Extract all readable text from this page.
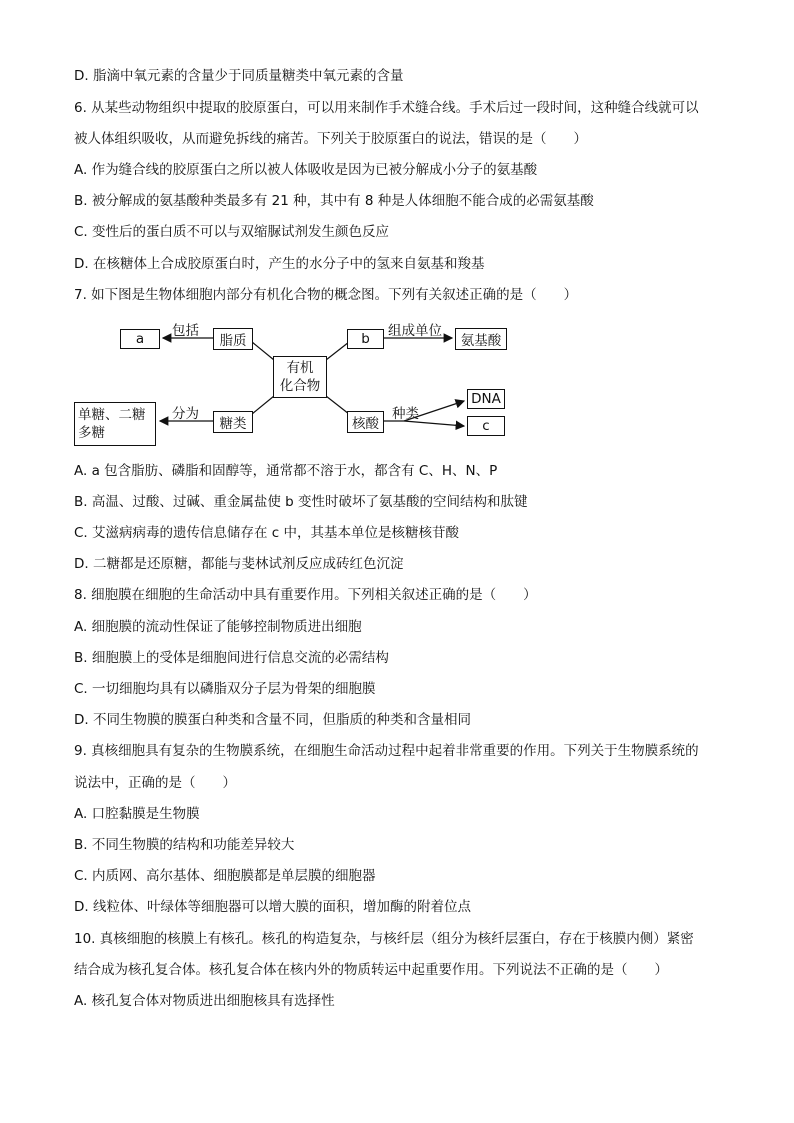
D. 脂滴中氧元素的含量少于同质量糖类中氧元素的含量
6. 从某些动物组织中提取的胶原蛋白，可以用来制作手术缝合线。手术后过一段时间，这种缝合线就可以
被人体组织吸收，从而避免拆线的痛苦。下列关于胶原蛋白的说法，错误的是（　　）
A. 作为缝合线的胶原蛋白之所以被人体吸收是因为已被分解成小分子的氨基酸
B. 被分解成的氨基酸种类最多有 21 种，其中有 8 种是人体细胞不能合成的必需氨基酸
C. 变性后的蛋白质不可以与双缩脲试剂发生颜色反应
D. 在核糖体上合成胶原蛋白时，产生的水分子中的氢来自氨基和羧基
7. 如下图是生物体细胞内部分有机化合物的概念图。下列有关叙述正确的是（　　）
a	包括
脂质
有机
化合物
b	组成单位
氨基酸
单糖、二糖
多糖
分为
糖类	核酸
种类
DNA
c
A. a 包含脂肪、磷脂和固醇等，通常都不溶于水，都含有 C、H、N、P
B. 高温、过酸、过碱、重金属盐使 b 变性时破坏了氨基酸的空间结构和肽键
C. 艾滋病病毒的遗传信息储存在 c 中，其基本单位是核糖核苷酸
D. 二糖都是还原糖，都能与斐林试剂反应成砖红色沉淀
8. 细胞膜在细胞的生命活动中具有重要作用。下列相关叙述正确的是（　　）
A. 细胞膜的流动性保证了能够控制物质进出细胞
B. 细胞膜上的受体是细胞间进行信息交流的必需结构
C. 一切细胞均具有以磷脂双分子层为骨架的细胞膜
D. 不同生物膜的膜蛋白种类和含量不同，但脂质的种类和含量相同
9. 真核细胞具有复杂的生物膜系统，在细胞生命活动过程中起着非常重要的作用。下列关于生物膜系统的
说法中，正确的是（　　）
A. 口腔黏膜是生物膜
B. 不同生物膜的结构和功能差异较大
C. 内质网、高尔基体、细胞膜都是单层膜的细胞器
D. 线粒体、叶绿体等细胞器可以增大膜的面积，增加酶的附着位点
10. 真核细胞的核膜上有核孔。核孔的构造复杂，与核纤层（组分为核纤层蛋白，存在于核膜内侧）紧密
结合成为核孔复合体。核孔复合体在核内外的物质转运中起重要作用。下列说法不正确的是（　　）
A. 核孔复合体对物质进出细胞核具有选择性
